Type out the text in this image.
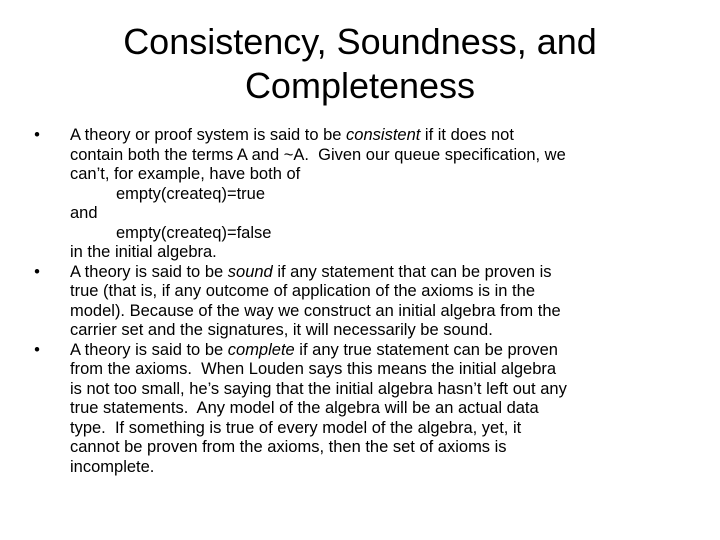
Consistency, Soundness, and
Completeness
• A theory or proof system is said to be consistent if it does not
contain both the terms A and ~A.  Given our queue specification, we
can’t, for example, have both of
empty(createq)=true
and
empty(createq)=false
in the initial algebra.
• A theory is said to be sound if any statement that can be proven is
true (that is, if any outcome of application of the axioms is in the
model). Because of the way we construct an initial algebra from the
carrier set and the signatures, it will necessarily be sound.
• A theory is said to be complete if any true statement can be proven
from the axioms.  When Louden says this means the initial algebra
is not too small, he’s saying that the initial algebra hasn’t left out any
true statements.  Any model of the algebra will be an actual data
type.  If something is true of every model of the algebra, yet, it
cannot be proven from the axioms, then the set of axioms is
incomplete.
